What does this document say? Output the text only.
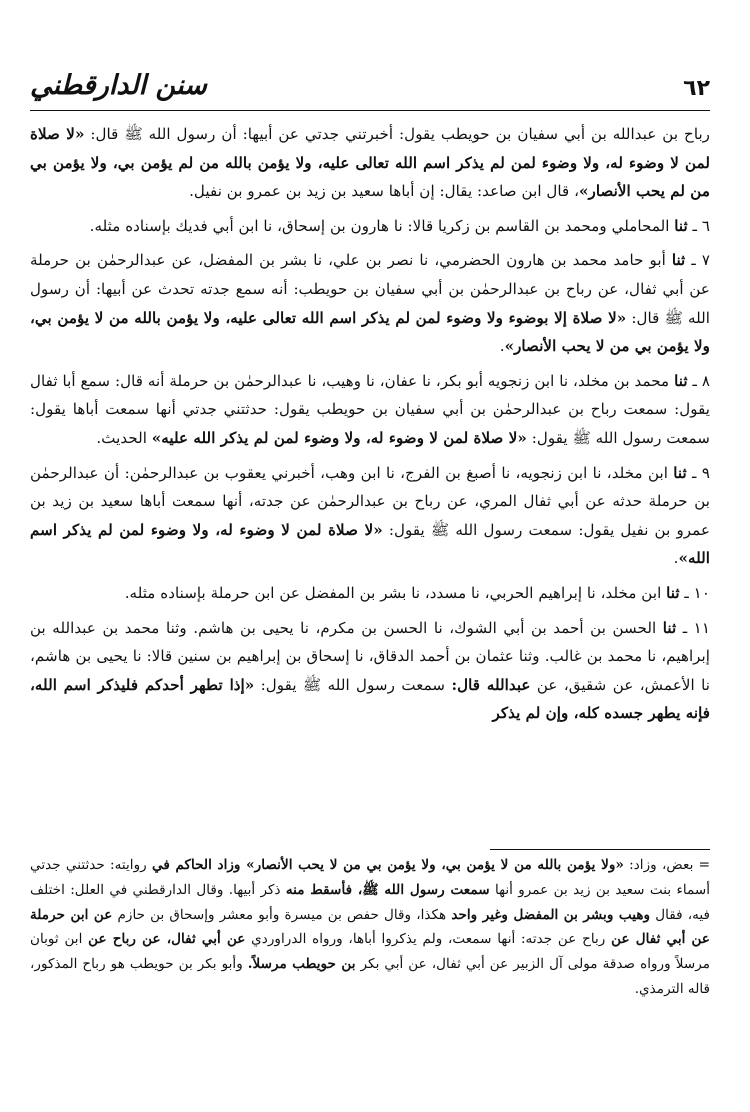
٦٢
سنن الدارقطني

رباح بن عبدالله بن أبي سفيان بن حويطب يقول: أخبرتني جدتي عن أبيها: أن رسول الله ﷺ قال: «لا صلاة لمن لا وضوء له، ولا وضوء لمن لم يذكر اسم الله تعالى عليه، ولا يؤمن بالله من لم يؤمن بي، ولا يؤمن بي من لم يحب الأنصار»، قال ابن صاعد: يقال: إن أباها سعيد بن زيد بن عمرو بن نفيل.

٦ ـ ثنا المحاملي ومحمد بن القاسم بن زكريا قالا: نا هارون بن إسحاق، نا ابن أبي فديك بإسناده مثله.

٧ ـ ثنا أبو حامد محمد بن هارون الحضرمي، نا نصر بن علي، نا بشر بن المفضل، عن عبدالرحمٰن بن حرملة عن أبي ثفال، عن رباح بن عبدالرحمٰن بن أبي سفيان بن حويطب: أنه سمع جدته تحدث عن أبيها: أن رسول الله ﷺ قال: «لا صلاة إلا بوضوء ولا وضوء لمن لم يذكر اسم الله تعالى عليه، ولا يؤمن بالله من لا يؤمن بي، ولا يؤمن بي من لا يحب الأنصار».

٨ ـ ثنا محمد بن مخلد، نا ابن زنجويه أبو بكر، نا عفان، نا وهيب، نا عبدالرحمٰن بن حرملة أنه قال: سمع أبا ثفال يقول: سمعت رباح بن عبدالرحمٰن بن أبي سفيان بن حويطب يقول: حدثتني جدتي أنها سمعت أباها يقول: سمعت رسول الله ﷺ يقول: «لا صلاة لمن لا وضوء له، ولا وضوء لمن لم يذكر الله عليه» الحديث.

٩ ـ ثنا ابن مخلد، نا ابن زنجويه، نا أصبغ بن الفرج، نا ابن وهب، أخبرني يعقوب بن عبدالرحمٰن: أن عبدالرحمٰن بن حرملة حدثه عن أبي ثفال المري، عن رباح بن عبدالرحمٰن عن جدته، أنها سمعت أباها سعيد بن زيد بن عمرو بن نفيل يقول: سمعت رسول الله ﷺ يقول: «لا صلاة لمن لا وضوء له، ولا وضوء لمن لم يذكر اسم الله».

١٠ ـ ثنا ابن مخلد، نا إبراهيم الحربي، نا مسدد، نا بشر بن المفضل عن ابن حرملة بإسناده مثله.

١١ ـ ثنا الحسن بن أحمد بن أبي الشوك، نا الحسن بن مكرم، نا يحيى بن هاشم. وثنا محمد بن عبدالله بن إبراهيم، نا محمد بن غالب. وثنا عثمان بن أحمد الدقاق، نا إسحاق بن إبراهيم بن سنين قالا: نا يحيى بن هاشم، نا الأعمش، عن شقيق، عن عبدالله قال: سمعت رسول الله ﷺ يقول: «إذا تطهر أحدكم فليذكر اسم الله، فإنه يطهر جسده كله، وإن لم يذكر

= بعض، وزاد: «ولا يؤمن بالله من لا يؤمن بي، ولا يؤمن بي من لا يحب الأنصار» وزاد الحاكم في روايته: حدثتني جدتي أسماء بنت سعيد بن زيد بن عمرو أنها سمعت رسول الله ﷺ، فأسقط منه ذكر أبيها. وقال الدارقطني في العلل: اختلف فيه، فقال وهيب وبشر بن المفضل وغير واحد هكذا، وقال حفص بن ميسرة وأبو معشر وإسحاق بن حازم عن ابن حرملة عن أبي ثفال عن رباح عن جدته: أنها سمعت، ولم يذكروا أباها، ورواه الدراوردي عن أبي ثفال، عن رباح عن ابن ثوبان مرسلاً ورواه صدقة مولى آل الزبير عن أبي ثفال، عن أبي بكر بن حويطب مرسلاً. وأبو بكر بن حويطب هو رباح المذكور، قاله الترمذي.
